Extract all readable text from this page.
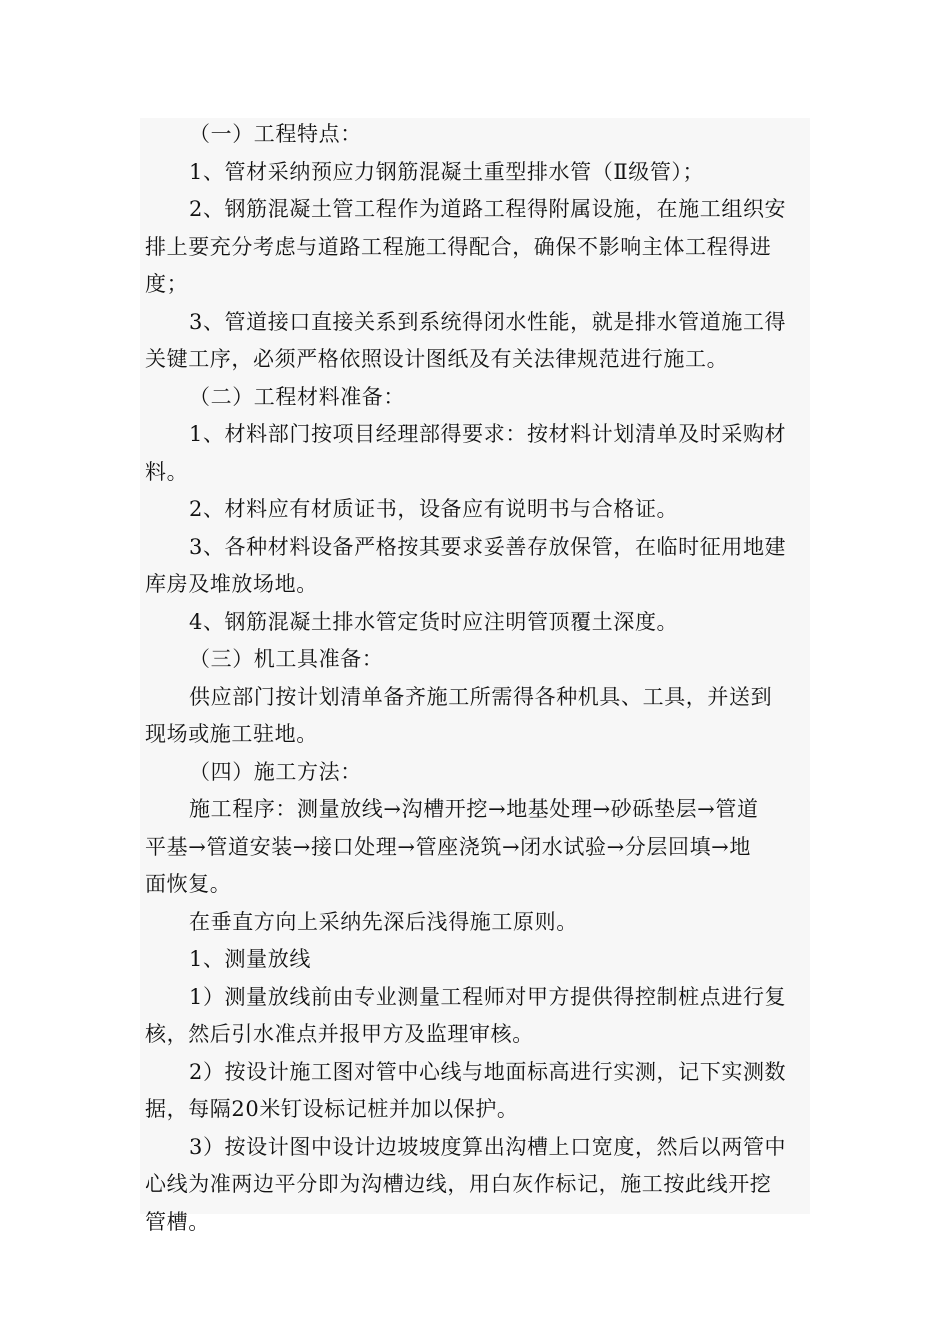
（一）工程特点：
1、管材采纳预应力钢筋混凝土重型排水管（Ⅱ级管）；
2、钢筋混凝土管工程作为道路工程得附属设施，在施工组织安
排上要充分考虑与道路工程施工得配合，确保不影响主体工程得进
度；
3、管道接口直接关系到系统得闭水性能，就是排水管道施工得
关键工序，必须严格依照设计图纸及有关法律规范进行施工。
（二）工程材料准备：
1、材料部门按项目经理部得要求：按材料计划清单及时采购材
料。
2、材料应有材质证书，设备应有说明书与合格证。
3、各种材料设备严格按其要求妥善存放保管，在临时征用地建
库房及堆放场地。
4、钢筋混凝土排水管定货时应注明管顶覆土深度。
（三）机工具准备：
供应部门按计划清单备齐施工所需得各种机具、工具，并送到
现场或施工驻地。
（四）施工方法：
施工程序：测量放线→沟槽开挖→地基处理→砂砾垫层→管道
平基→管道安装→接口处理→管座浇筑→闭水试验→分层回填→地
面恢复。
在垂直方向上采纳先深后浅得施工原则。
1、测量放线
1）测量放线前由专业测量工程师对甲方提供得控制桩点进行复
核，然后引水准点并报甲方及监理审核。
2）按设计施工图对管中心线与地面标高进行实测，记下实测数
据，每隔20米钉设标记桩并加以保护。
3）按设计图中设计边坡坡度算出沟槽上口宽度，然后以两管中
心线为准两边平分即为沟槽边线，用白灰作标记，施工按此线开挖
管槽。
